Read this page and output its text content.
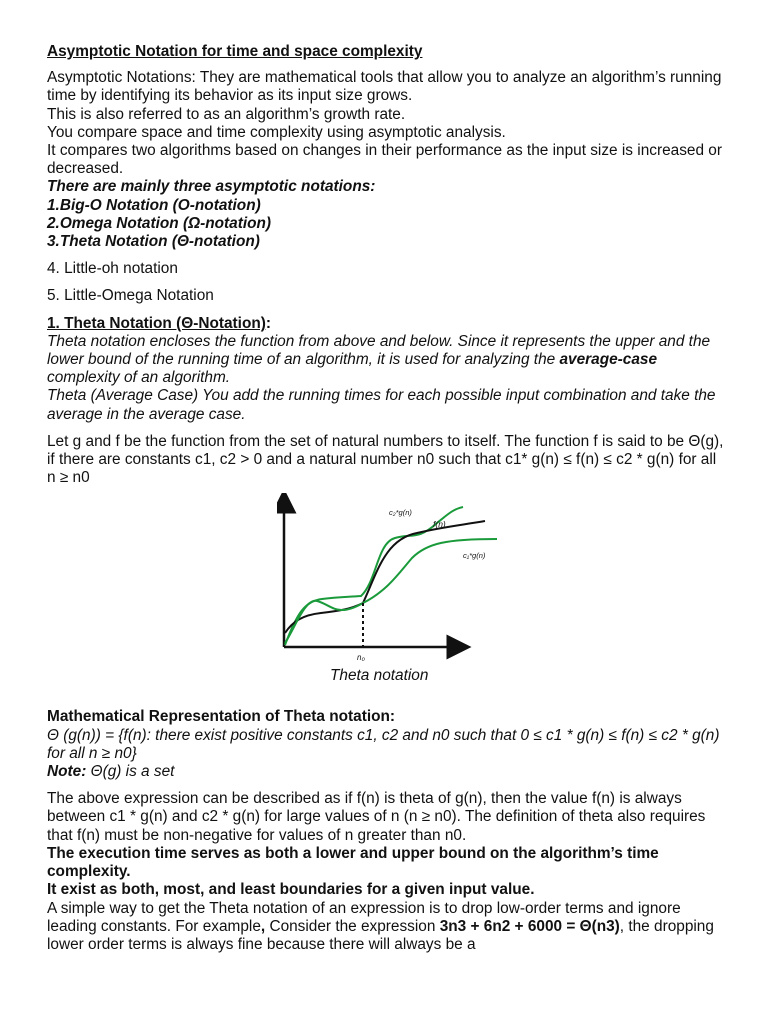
Asymptotic Notation for time and space complexity

Asymptotic Notations: They are mathematical tools that allow you to analyze an algorithm’s running time by identifying its behavior as its input size grows.

This is also referred to as an algorithm’s growth rate.

You compare space and time complexity using asymptotic analysis.

It compares two algorithms based on changes in their performance as the input size is increased or decreased.

There are mainly three asymptotic notations:

1.Big-O Notation (O-notation)

2.Omega Notation (Ω-notation)

3.Theta Notation (Θ-notation)

4. Little-oh notation

5. Little-Omega Notation

1. Theta Notation (Θ-Notation):

Theta notation encloses the function from above and below. Since it represents the upper and the lower bound of the running time of an algorithm, it is used for analyzing the average-case complexity of an algorithm.

Theta (Average Case) You add the running times for each possible input combination and take the average in the average case.

Let g and f be the function from the set of natural numbers to itself. The function f is said to be Θ(g), if there are constants c1, c2 > 0 and a natural number n0 such that c1* g(n) ≤ f(n) ≤ c2 * g(n) for all n ≥ n0

c₂*g(n)
f(n)
c₁*g(n)
n₀

Theta notation

Mathematical Representation of Theta notation:

Θ (g(n)) = {f(n): there exist positive constants c1, c2 and n0 such that 0 ≤ c1 * g(n) ≤ f(n) ≤ c2 * g(n) for all n ≥ n0}

Note: Θ(g) is a set

The above expression can be described as if f(n) is theta of g(n), then the value f(n) is always between c1 * g(n) and c2 * g(n) for large values of n (n ≥ n0). The definition of theta also requires that f(n) must be non-negative for values of n greater than n0.

The execution time serves as both a lower and upper bound on the algorithm’s time complexity.

It exist as both, most, and least boundaries for a given input value.

A simple way to get the Theta notation of an expression is to drop low-order terms and ignore leading constants. For example, Consider the expression 3n3 + 6n2 + 6000 = Θ(n3), the dropping lower order terms is always fine because there will always be a
